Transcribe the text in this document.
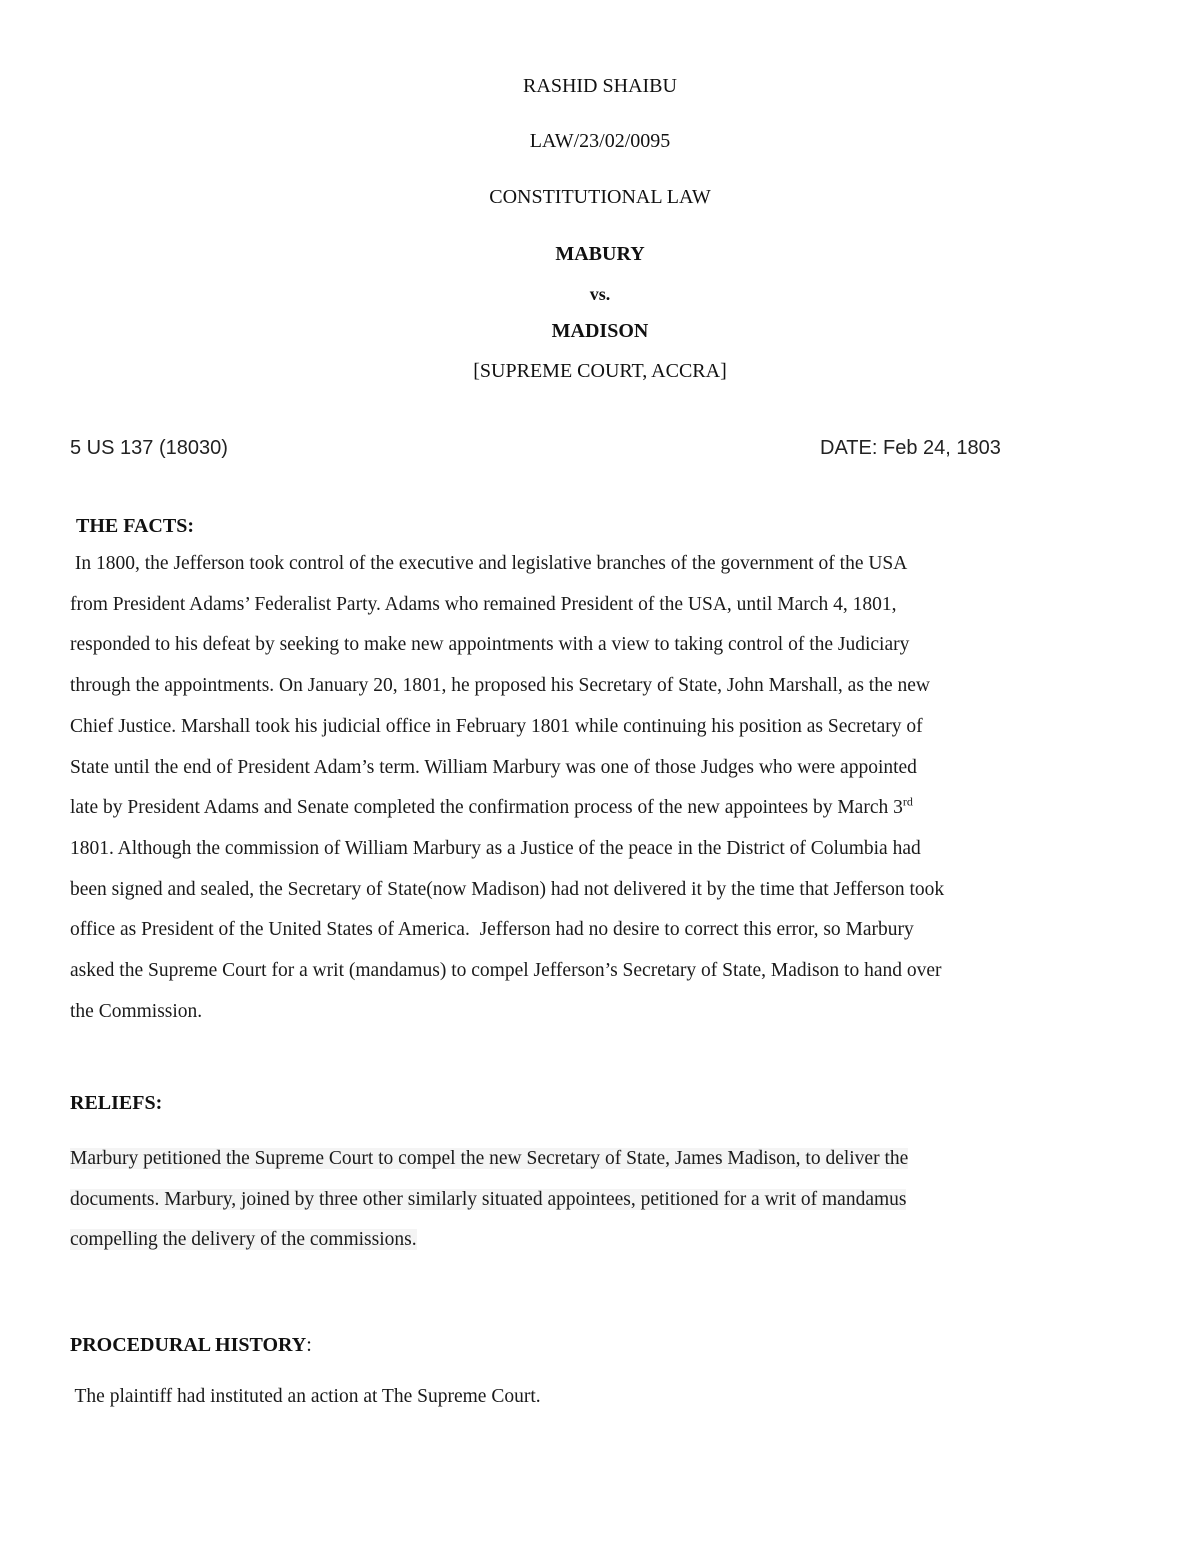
RASHID SHAIBU
LAW/23/02/0095
CONSTITUTIONAL LAW
MABURY
vs.
MADISON
[SUPREME COURT, ACCRA]
5 US 137 (18030)	DATE: Feb 24, 1803
THE FACTS:
In 1800, the Jefferson took control of the executive and legislative branches of the government of the USA
from President Adams’ Federalist Party. Adams who remained President of the USA, until March 4, 1801,
responded to his defeat by seeking to make new appointments with a view to taking control of the Judiciary
through the appointments. On January 20, 1801, he proposed his Secretary of State, John Marshall, as the new
Chief Justice. Marshall took his judicial office in February 1801 while continuing his position as Secretary of
State until the end of President Adam’s term. William Marbury was one of those Judges who were appointed
late by President Adams and Senate completed the confirmation process of the new appointees by March 3rd
1801. Although the commission of William Marbury as a Justice of the peace in the District of Columbia had
been signed and sealed, the Secretary of State(now Madison) had not delivered it by the time that Jefferson took
office as President of the United States of America.  Jefferson had no desire to correct this error, so Marbury
asked the Supreme Court for a writ (mandamus) to compel Jefferson’s Secretary of State, Madison to hand over
the Commission.
RELIEFS:
Marbury petitioned the Supreme Court to compel the new Secretary of State, James Madison, to deliver the
documents. Marbury, joined by three other similarly situated appointees, petitioned for a writ of mandamus
compelling the delivery of the commissions.
PROCEDURAL HISTORY:
The plaintiff had instituted an action at The Supreme Court.
